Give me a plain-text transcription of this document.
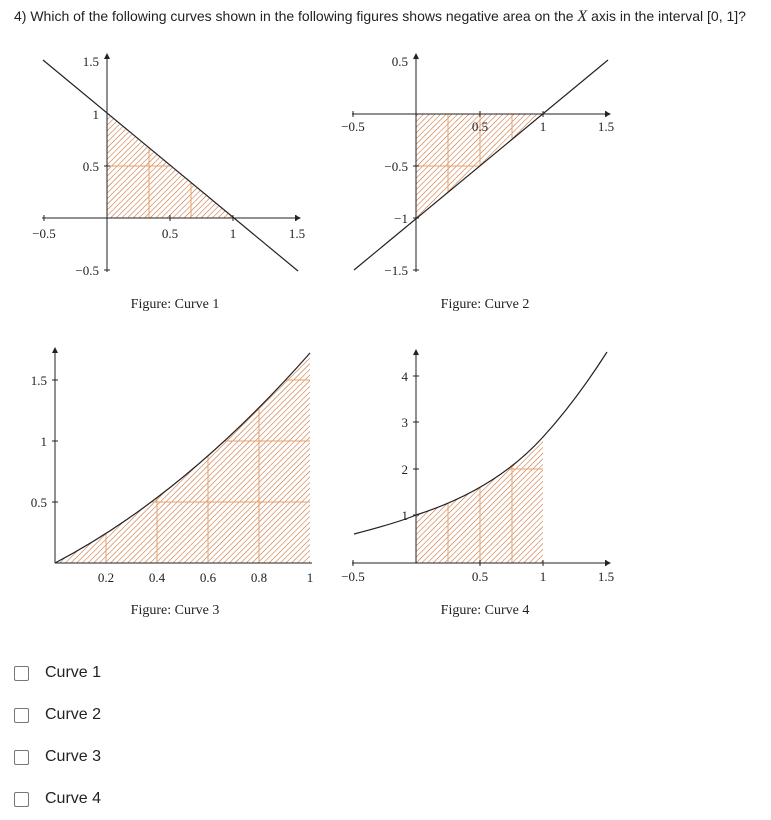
4) Which of the following curves shown in the following figures shows negative area on the X axis in the interval [0, 1]?
−0.5	0.5	1	1.5
1.5
1
0.5
−0.5
Figure: Curve 1
−0.5	0.5	1	1.5
0.5
−0.5
−1
−1.5
Figure: Curve 2
0.2	0.4	0.6	0.8	1
1.5
1
0.5
Figure: Curve 3
−0.5	0.5	1	1.5
4
3
2
1
Figure: Curve 4
Curve 1
Curve 2
Curve 3
Curve 4
